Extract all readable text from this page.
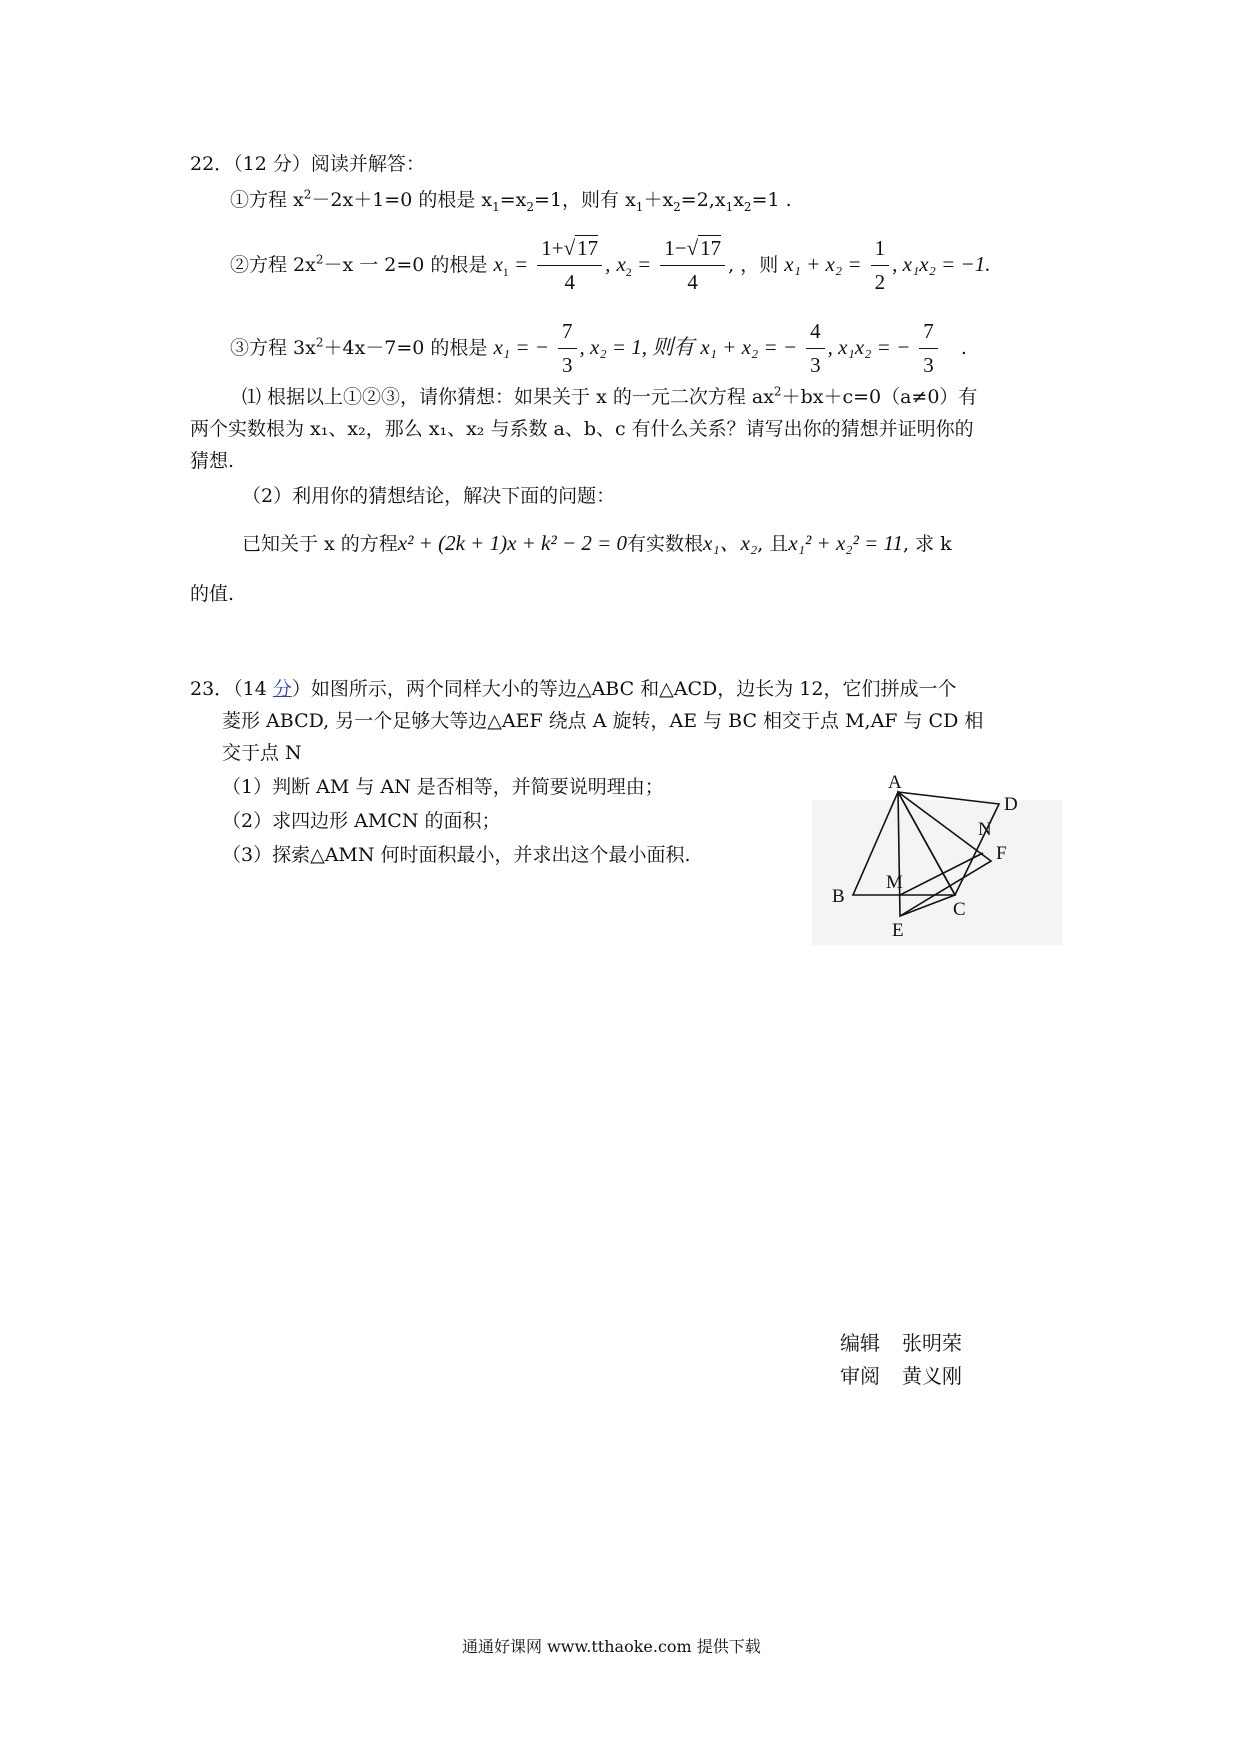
22．（12 分）阅读并解答：
①方程 $x^2-2x+1=0$ 的根是 $x_1=x_2=1$，则有 $x_1+x_2=2,x_1x_2=1$ .
②方程 $2x^2-x$ 一 2=0 的根是 $x_1 = \frac{1+√17}{4}$ , $x_2 = \frac{1-√17}{4}$ , ，则 $x_1 + x_2 = \frac{1}{2}$ , x₁x₂ = −1.
③方程 $3x^2+4x-7=0$ 的根是 x₁ = − $\frac{7}{3}$ , x₂ = 1, 则有 x₁ + x₂ = − $\frac{4}{3}$ , x₁x₂ = − $\frac{7}{3}$ .
⑴ 根据以上①②③，请你猜想：如果关于 x 的一元二次方程 $ax^2+bx+c=0(a\ne 0)$有
两个实数根为 x₁、x₂，那么 x₁、x₂ 与系数 a、b、c 有什么关系？请写出你的猜想并证明你的
猜想.
（2）利用你的猜想结论，解决下面的问题：
已知关于 x 的方程x² + (2k + 1)x + k² − 2 = 0有实数根x₁、x₂, 且x₁² + x₂² = 11, 求 k
的值.
23．（14 分）如图所示，两个同样大小的等边△ABC 和△ACD，边长为 12，它们拼成一个
菱形 ABCD, 另一个足够大等边△AEF 绕点 A 旋转，AE 与 BC 相交于点 M,AF 与 CD 相
交于点 N
（1）判断 AM 与 AN 是否相等，并简要说明理由；
（2）求四边形 AMCN 的面积；
（3）探索△AMN 何时面积最小，并求出这个最小面积.
A
B
C
D
E
F
M
N
编辑 张明荣
审阅 黄义刚
通通好课网 www.tthaoke.com 提供下载
